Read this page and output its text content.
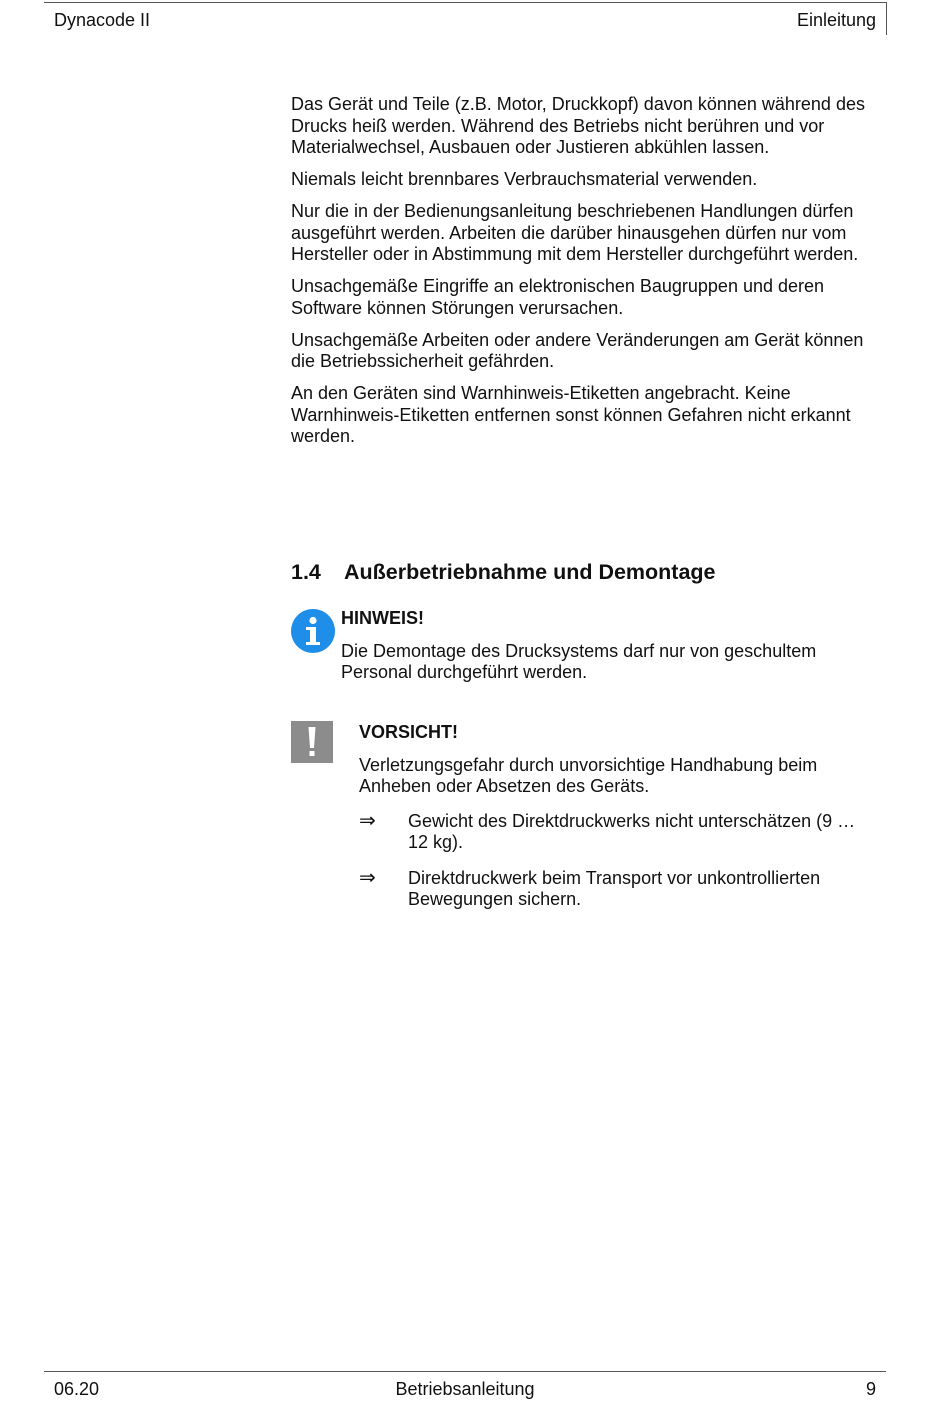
Dynacode II	Einleitung

Das Gerät und Teile (z.B. Motor, Druckkopf) davon können während des Drucks heiß werden. Während des Betriebs nicht berühren und vor Materialwechsel, Ausbauen oder Justieren abkühlen lassen.

Niemals leicht brennbares Verbrauchsmaterial verwenden.

Nur die in der Bedienungsanleitung beschriebenen Handlungen dürfen ausgeführt werden. Arbeiten die darüber hinausgehen dürfen nur vom Hersteller oder in Abstimmung mit dem Hersteller durchgeführt werden.

Unsachgemäße Eingriffe an elektronischen Baugruppen und deren Software können Störungen verursachen.

Unsachgemäße Arbeiten oder andere Veränderungen am Gerät können die Betriebssicherheit gefährden.

An den Geräten sind Warnhinweis-Etiketten angebracht. Keine Warnhinweis-Etiketten entfernen sonst können Gefahren nicht erkannt werden.

1.4 Außerbetriebnahme und Demontage
HINWEIS!
Die Demontage des Drucksystems darf nur von geschultem Personal durchgeführt werden.
VORSICHT!
Verletzungsgefahr durch unvorsichtige Handhabung beim Anheben oder Absetzen des Geräts.
⇒ Gewicht des Direktdruckwerks nicht unterschätzen (9 … 12 kg).
⇒ Direktdruckwerk beim Transport vor unkontrollierten Bewegungen sichern.
06.20	Betriebsanleitung	9
